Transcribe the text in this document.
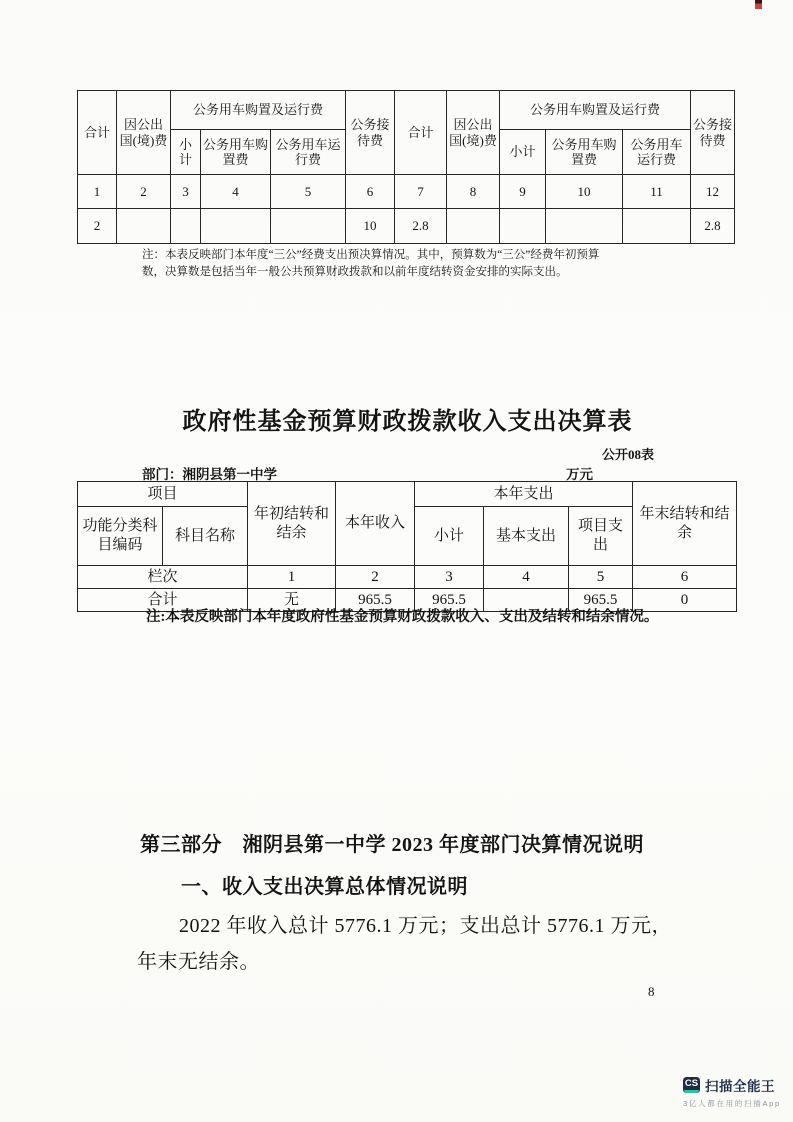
合计	因公出国(境)费	公务用车购置及运行费			公务接待费	合计	因公出国(境)费	公务用车购置及运行费			公务接待费
		小计	公务用车购置费	公务用车运行费				小计	公务用车购置费	公务用车运行费	
1	2	3	4	5	6	7	8	9	10	11	12
2					10	2.8					2.8
注：本表反映部门本年度“三公”经费支出预决算情况。其中，预算数为“三公”经费年初预算
数，决算数是包括当年一般公共预算财政拨款和以前年度结转资金安排的实际支出。
政府性基金预算财政拨款收入支出决算表
公开08表
部门：湘阴县第一中学	万元
项目		年初结转和结余	本年收入	本年支出			年末结转和结余
功能分类科目编码	科目名称			小计	基本支出	项目支出	
栏次		1	2	3	4	5	6
合计		无	965.5	965.5		965.5	0
注:本表反映部门本年度政府性基金预算财政拨款收入、支出及结转和结余情况。
第三部分　湘阴县第一中学 2023 年度部门决算情况说明
一、收入支出决算总体情况说明
2022 年收入总计 5776.1 万元；支出总计 5776.1 万元，
年末无结余。
8
CS 扫描全能王
3亿人都在用的扫描App
